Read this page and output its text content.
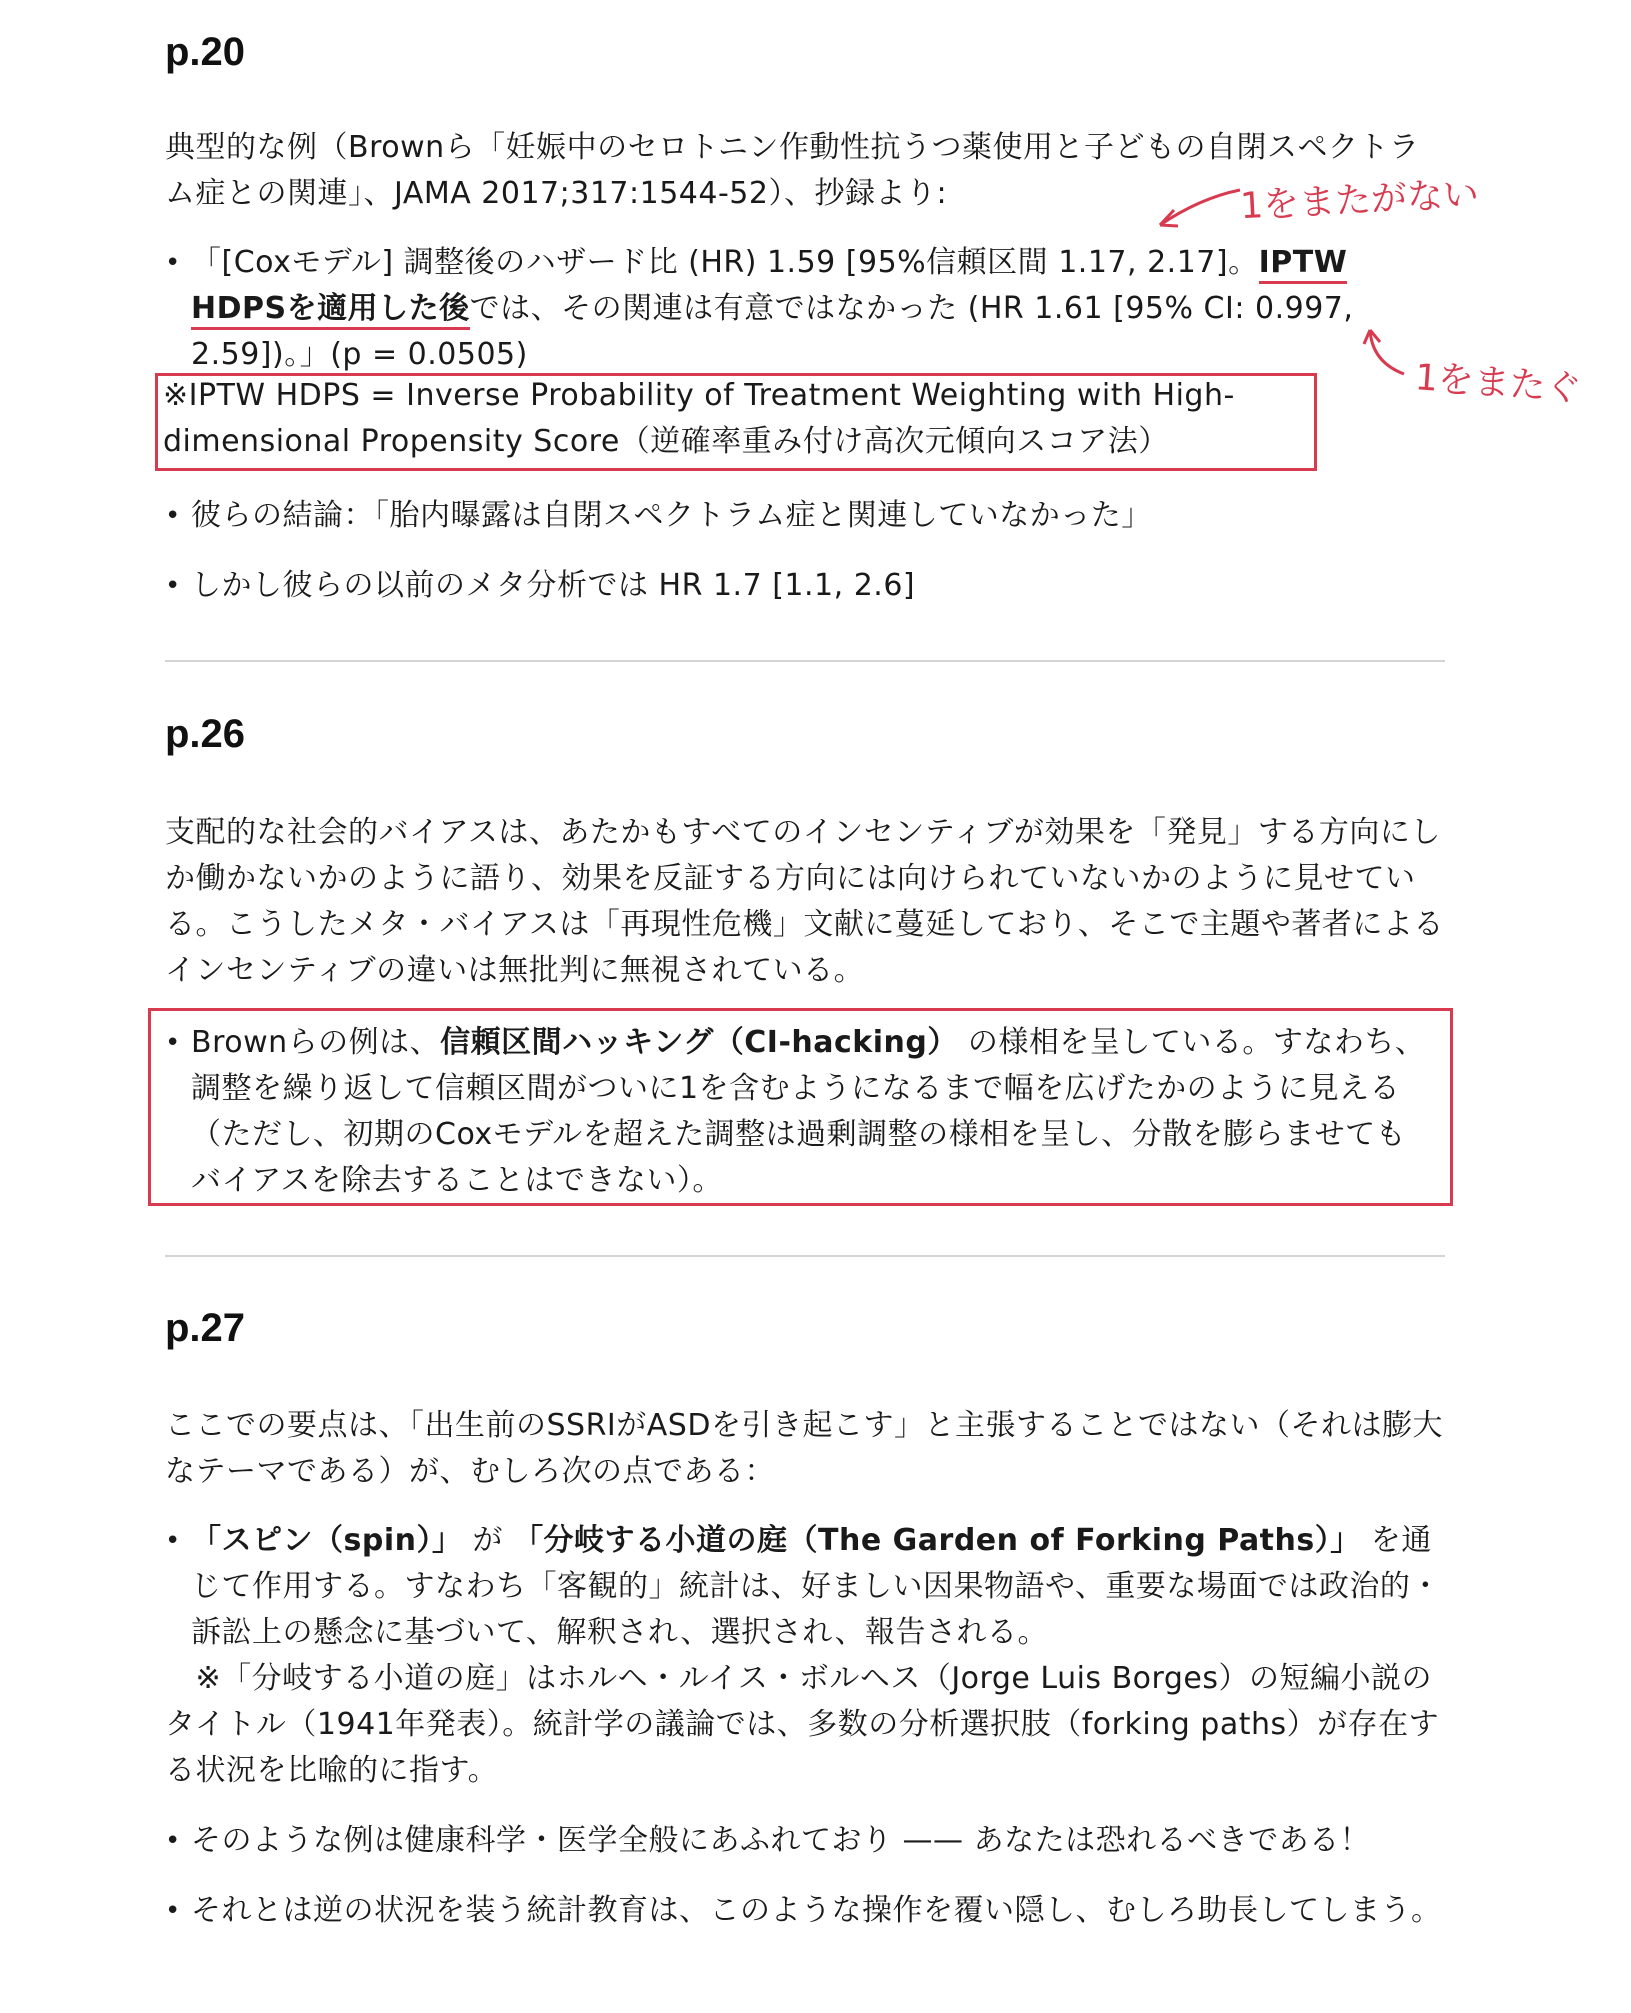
p.20

典型的な例（Brownら「妊娠中のセロトニン作動性抗うつ薬使用と子どもの自閉スペクトラム症との関連」、JAMA 2017;317:1544-52）、抄録より:

• 「[Coxモデル] 調整後のハザード比 (HR) 1.59 [95%信頼区間 1.17, 2.17]。IPTW HDPSを適用した後では、その関連は有意ではなかった (HR 1.61 [95% CI: 0.997, 2.59])。」(p = 0.0505)
※IPTW HDPS = Inverse Probability of Treatment Weighting with High-
dimensional Propensity Score（逆確率重み付け高次元傾向スコア法）
• 彼らの結論：「胎内曝露は自閉スペクトラム症と関連していなかった」
• しかし彼らの以前のメタ分析では HR 1.7 [1.1, 2.6]
1をまたがない
1をまたぐ
p.26

支配的な社会的バイアスは、あたかもすべてのインセンティブが効果を「発見」する方向にしか働かないかのように語り、効果を反証する方向には向けられていないかのように見せている。こうしたメタ・バイアスは「再現性危機」文献に蔓延しており、そこで主題や著者によるインセンティブの違いは無批判に無視されている。

• Brownらの例は、信頼区間ハッキング（CI-hacking） の様相を呈している。すなわち、調整を繰り返して信頼区間がついに1を含むようになるまで幅を広げたかのように見える（ただし、初期のCoxモデルを超えた調整は過剰調整の様相を呈し、分散を膨らませてもバイアスを除去することはできない）。
p.27

ここでの要点は、「出生前のSSRIがASDを引き起こす」と主張することではない（それは膨大なテーマである）が、むしろ次の点である：

• 「スピン（spin）」 が 「分岐する小道の庭（The Garden of Forking Paths）」 を通じて作用する。すなわち「客観的」統計は、好ましい因果物語や、重要な場面では政治的・訴訟上の懸念に基づいて、解釈され、選択され、報告される。

　※「分岐する小道の庭」はホルヘ・ルイス・ボルヘス（Jorge Luis Borges）の短編小説のタイトル（1941年発表）。統計学の議論では、多数の分析選択肢（forking paths）が存在する状況を比喩的に指す。

• そのような例は健康科学・医学全般にあふれており —— あなたは恐れるべきである！
• それとは逆の状況を装う統計教育は、このような操作を覆い隠し、むしろ助長してしまう。
